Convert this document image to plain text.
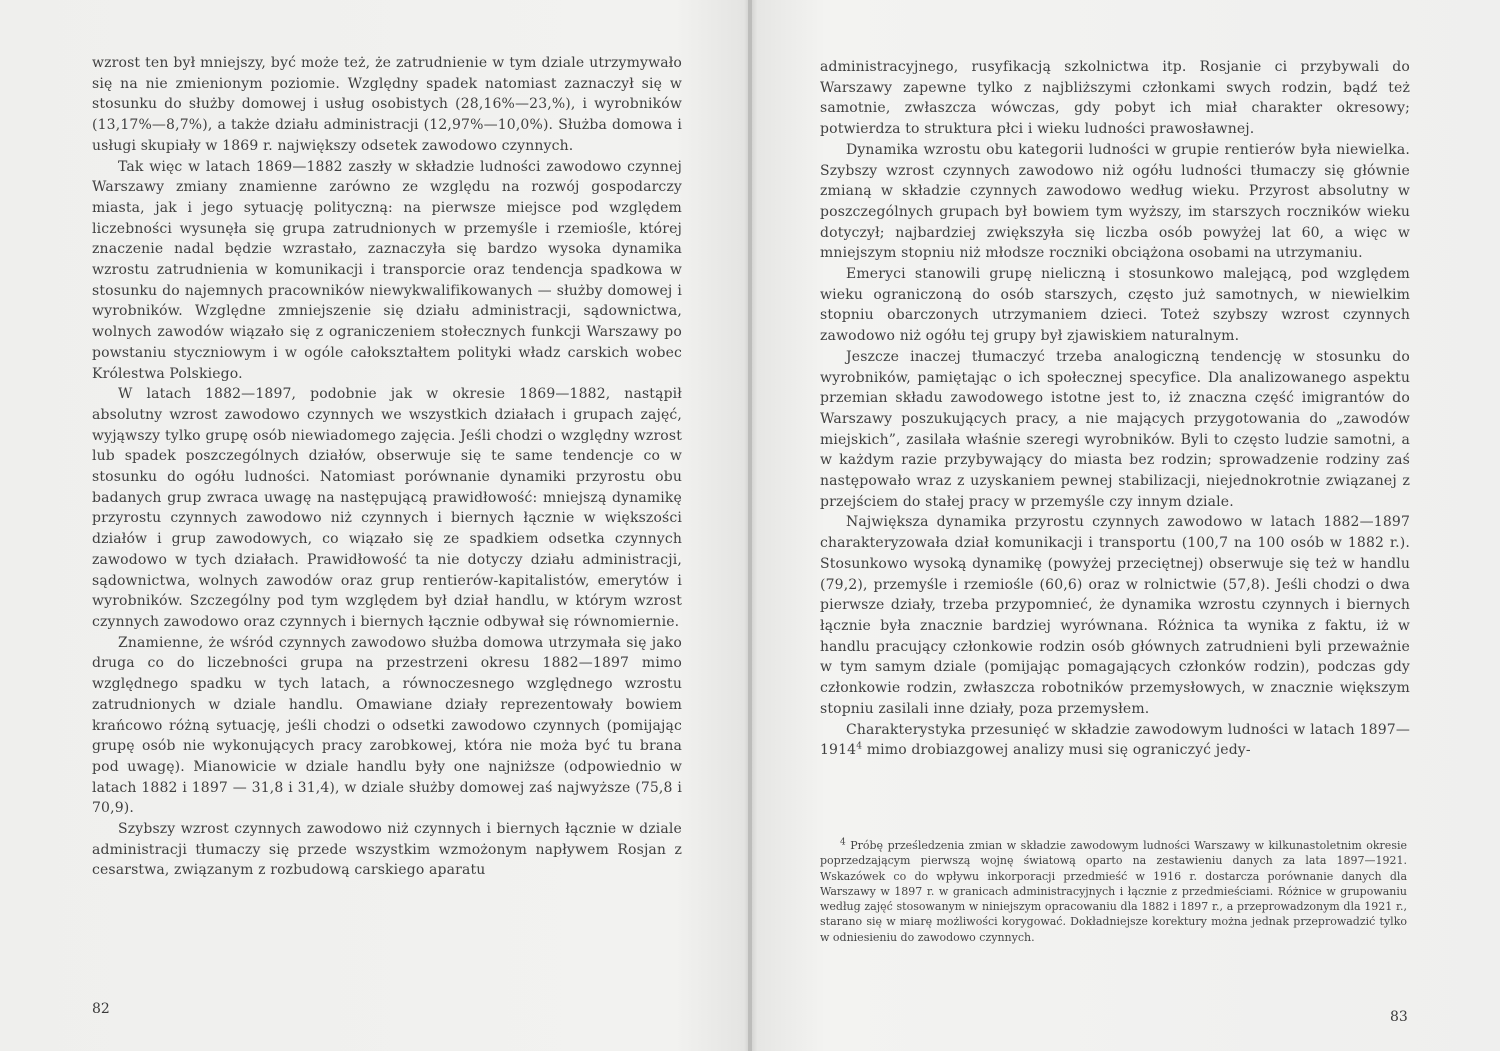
wzrost ten był mniejszy, być może też, że zatrudnienie w tym dziale utrzymywało się na nie zmienionym poziomie. Względny spadek natomiast zaznaczył się w stosunku do służby domowej i usług osobistych (28,16%—23,%), i wyrobników (13,17%—8,7%), a także działu administracji (12,97%—10,0%). Służba domowa i usługi skupiały w 1869 r. największy odsetek zawodowo czynnych.

Tak więc w latach 1869—1882 zaszły w składzie ludności zawodowo czynnej Warszawy zmiany znamienne zarówno ze względu na rozwój gospodarczy miasta, jak i jego sytuację polityczną: na pierwsze miejsce pod względem liczebności wysunęła się grupa zatrudnionych w przemyśle i rzemiośle, której znaczenie nadal będzie wzrastało, zaznaczyła się bardzo wysoka dynamika wzrostu zatrudnienia w komunikacji i transporcie oraz tendencja spadkowa w stosunku do najemnych pracowników niewykwalifikowanych — służby domowej i wyrobników. Względne zmniejszenie się działu administracji, sądownictwa, wolnych zawodów wiązało się z ograniczeniem stołecznych funkcji Warszawy po powstaniu styczniowym i w ogóle całokształtem polityki władz carskich wobec Królestwa Polskiego.

W latach 1882—1897, podobnie jak w okresie 1869—1882, nastąpił absolutny wzrost zawodowo czynnych we wszystkich działach i grupach zajęć, wyjąwszy tylko grupę osób niewiadomego zajęcia. Jeśli chodzi o względny wzrost lub spadek poszczególnych działów, obserwuje się te same tendencje co w stosunku do ogółu ludności. Natomiast porównanie dynamiki przyrostu obu badanych grup zwraca uwagę na następującą prawidłowość: mniejszą dynamikę przyrostu czynnych zawodowo niż czynnych i biernych łącznie w większości działów i grup zawodowych, co wiązało się ze spadkiem odsetka czynnych zawodowo w tych działach. Prawidłowość ta nie dotyczy działu administracji, sądownictwa, wolnych zawodów oraz grup rentierów-kapitalistów, emerytów i wyrobników. Szczególny pod tym względem był dział handlu, w którym wzrost czynnych zawodowo oraz czynnych i biernych łącznie odbywał się równomiernie.

Znamienne, że wśród czynnych zawodowo służba domowa utrzymała się jako druga co do liczebności grupa na przestrzeni okresu 1882—1897 mimo względnego spadku w tych latach, a równoczesnego względnego wzrostu zatrudnionych w dziale handlu. Omawiane działy reprezentowały bowiem krańcowo różną sytuację, jeśli chodzi o odsetki zawodowo czynnych (pomijając grupę osób nie wykonujących pracy zarobkowej, która nie moża być tu brana pod uwagę). Mianowicie w dziale handlu były one najniższe (odpowiednio w latach 1882 i 1897 — 31,8 i 31,4), w dziale służby domowej zaś najwyższe (75,8 i 70,9).

Szybszy wzrost czynnych zawodowo niż czynnych i biernych łącznie w dziale administracji tłumaczy się przede wszystkim wzmożonym napływem Rosjan z cesarstwa, związanym z rozbudową carskiego aparatu

82

administracyjnego, rusyfikacją szkolnictwa itp. Rosjanie ci przybywali do Warszawy zapewne tylko z najbliższymi członkami swych rodzin, bądź też samotnie, zwłaszcza wówczas, gdy pobyt ich miał charakter okresowy; potwierdza to struktura płci i wieku ludności prawosławnej.

Dynamika wzrostu obu kategorii ludności w grupie rentierów była niewielka. Szybszy wzrost czynnych zawodowo niż ogółu ludności tłumaczy się głównie zmianą w składzie czynnych zawodowo według wieku. Przyrost absolutny w poszczególnych grupach był bowiem tym wyższy, im starszych roczników wieku dotyczył; najbardziej zwiększyła się liczba osób powyżej lat 60, a więc w mniejszym stopniu niż młodsze roczniki obciążona osobami na utrzymaniu.

Emeryci stanowili grupę nieliczną i stosunkowo malejącą, pod względem wieku ograniczoną do osób starszych, często już samotnych, w niewielkim stopniu obarczonych utrzymaniem dzieci. Toteż szybszy wzrost czynnych zawodowo niż ogółu tej grupy był zjawiskiem naturalnym.

Jeszcze inaczej tłumaczyć trzeba analogiczną tendencję w stosunku do wyrobników, pamiętając o ich społecznej specyfice. Dla analizowanego aspektu przemian składu zawodowego istotne jest to, iż znaczna część imigrantów do Warszawy poszukujących pracy, a nie mających przygotowania do „zawodów miejskich”, zasilała właśnie szeregi wyrobników. Byli to często ludzie samotni, a w każdym razie przybywający do miasta bez rodzin; sprowadzenie rodziny zaś następowało wraz z uzyskaniem pewnej stabilizacji, niejednokrotnie związanej z przejściem do stałej pracy w przemyśle czy innym dziale.

Największa dynamika przyrostu czynnych zawodowo w latach 1882—1897 charakteryzowała dział komunikacji i transportu (100,7 na 100 osób w 1882 r.). Stosunkowo wysoką dynamikę (powyżej przeciętnej) obserwuje się też w handlu (79,2), przemyśle i rzemiośle (60,6) oraz w rolnictwie (57,8). Jeśli chodzi o dwa pierwsze działy, trzeba przypomnieć, że dynamika wzrostu czynnych i biernych łącznie była znacznie bardziej wyrównana. Różnica ta wynika z faktu, iż w handlu pracujący członkowie rodzin osób głównych zatrudnieni byli przeważnie w tym samym dziale (pomijając pomagających członków rodzin), podczas gdy członkowie rodzin, zwłaszcza robotników przemysłowych, w znacznie większym stopniu zasilali inne działy, poza przemysłem.

Charakterystyka przesunięć w składzie zawodowym ludności w latach 1897—1914$^4$ mimo drobiazgowej analizy musi się ograniczyć jedy-

$^4$ Próbę prześledzenia zmian w składzie zawodowym ludności Warszawy w kilkunastoletnim okresie poprzedzającym pierwszą wojnę światową oparto na zestawieniu danych za lata 1897—1921. Wskazówek co do wpływu inkorporacji przedmieść w 1916 r. dostarcza porównanie danych dla Warszawy w 1897 r. w granicach administracyjnych i łącznie z przedmieściami. Różnice w grupowaniu według zajęć stosowanym w niniejszym opracowaniu dla 1882 i 1897 r., a przeprowadzonym dla 1921 r., starano się w miarę możliwości korygować. Dokładniejsze korektury można jednak przeprowadzić tylko w odniesieniu do zawodowo czynnych.

83
